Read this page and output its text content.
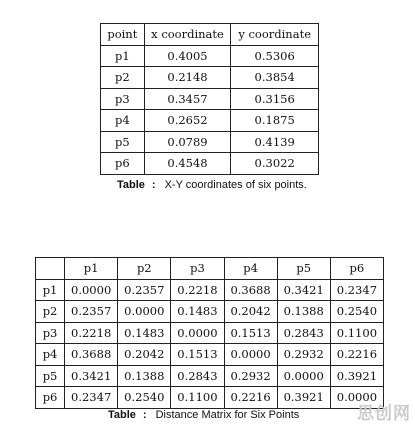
point	x coordinate	y coordinate
p1	0.4005	0.5306
p2	0.2148	0.3854
p3	0.3457	0.3156
p4	0.2652	0.1875
p5	0.0789	0.4139
p6	0.4548	0.3022
Table : X-Y coordinates of six points.
	p1	p2	p3	p4	p5	p6
p1	0.0000	0.2357	0.2218	0.3688	0.3421	0.2347
p2	0.2357	0.0000	0.1483	0.2042	0.1388	0.2540
p3	0.2218	0.1483	0.0000	0.1513	0.2843	0.1100
p4	0.3688	0.2042	0.1513	0.0000	0.2932	0.2216
p5	0.3421	0.1388	0.2843	0.2932	0.0000	0.3921
p6	0.2347	0.2540	0.1100	0.2216	0.3921	0.0000
Table : Distance Matrix for Six Points	思创网
